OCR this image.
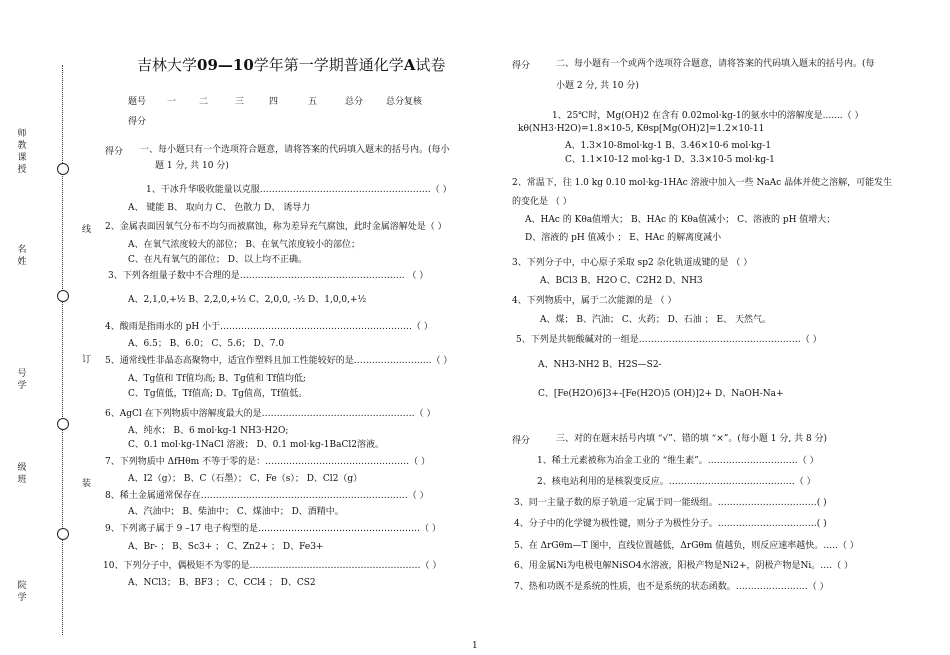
师
教
课
授
名
姓
号
学
级
班
院
学
线
订
装
吉林大学09—10学年第一学期普通化学A试卷
题号 一	二	三	四	五	总分	总分复核
得分
得分 一、每小题只有一个选项符合题意，请将答案的代码填入题末的括号内。(每小
题 1 分, 共 10 分)
1、干冰升华吸收能量以克服…………………………………………………（ ）
A、 键能 B、 取向力 C、 色散力 D、 诱导力
2、金属表面因氧气分布不均匀而被腐蚀，称为差异充气腐蚀，此时金属溶解处是（ ）
A、在氧气浓度较大的部位； B、在氧气浓度较小的部位；
C、在凡有氧气的部位； D、以上均不正确。
3、下列各组量子数中不合理的是………………………………………………. （ ）
A、2,1,0,+½ B、2,2,0,+½ C、2,0,0, -½ D、1,0,0,+½
4、酸雨是指雨水的 pH 小于……………………………………………………….（ ）
A、6.5； B、6.0； C、5.6； D、7.0
5、通常线性非晶态高聚物中，适宜作塑料且加工性能较好的是……………………..（ ）
A、Tg值和 Tf值均高; B、Tg值和 Tf值均低;
C、Tg值低，Tf值高; D、Tg值高，Tf值低。
6、AgCl 在下列物质中溶解度最大的是……………………………………………（ ）
A、纯水； B、6 mol·kg-1 NH3·H2O;
C、0.1 mol·kg-1NaCl 溶液； D、0.1 mol·kg-1BaCl2溶液。
7、下列物质中 ΔfHθm 不等于零的是：…………………………………………（ ）
A、I2（g）； B、C（石墨）； C、Fe（s）； D、Cl2（g）
8、稀土金属通常保存在……………………………………………………………（ ）
A、汽油中； B、柴油中； C、煤油中； D、酒精中。
9、下列离子属于 9 –17 电子构型的是………………………………………………（ ）
A、Br- ； B、Sc3+ ； C、Zn2+ ； D、Fe3+
10、下列分子中，偶极矩不为零的是…………………………………………………（ ）
A、NCl3； B、BF3 ； C、CCl4 ； D、CS2
得分	二、每小题有一个或两个选项符合题意，请将答案的代码填入题末的括号内。(每
小题 2 分, 共 10 分)
1、25℃时，Mg(OH)2 在含有 0.02mol·kg-1的氨水中的溶解度是.......（ ）
kθ(NH3·H2O)=1.8×10-5, Kθsp[Mg(OH)2]=1.2×10-11
A、1.3×10-8mol·kg-1 B、3.46×10-6 mol·kg-1
C、1.1×10-12 mol·kg-1 D、3.3×10-5 mol·kg-1
2、常温下，往 1.0 kg 0.10 mol·kg-1HAc 溶液中加入一些 NaAc 晶体并使之溶解，可能发生
的变化是 （ ）
A、HAc 的 Kθa值增大； B、HAc 的 Kθa值减小； C、溶液的 pH 值增大；
D、溶液的 pH 值减小 ； E、HAc 的解离度减小
3、下列分子中，中心原子采取 sp2 杂化轨道成键的是 （ ）
A、BCl3 B、H2O C、C2H2 D、NH3
4、下列物质中，属于二次能源的是 （ ）
A、煤； B、汽油； C、火药； D、石油 ； E、 天然气。
5、下列是共轭酸碱对的一组是………………………………………………（ ）
A、NH3-NH2 B、H2S—S2-
C、[Fe(H2O)6]3+-[Fe(H2O)5 (OH)]2+ D、NaOH-Na+
得分	三、对的在题末括号内填 “√”、错的填 “×”。(每小题 1 分, 共 8 分)
1、稀土元素被称为冶金工业的 “维生素”。…………………………（ ）
2、核电站利用的是核裂变反应。……………………………………（ ）
3、同一主量子数的原子轨道一定属于同一能级组。……………………………( )
4、分子中的化学键为极性键，则分子为极性分子。……………………………( )
5、在 ΔrGθm—T 图中，直线位置越低，ΔrGθm 值越负，则反应速率越快。…..（ ）
6、用金属Ni为电极电解NiSO4水溶液，阳极产物是Ni2+，阴极产物是Ni。….（ ）
7、热和功既不是系统的性质，也不是系统的状态函数。……………………（ ）
1
